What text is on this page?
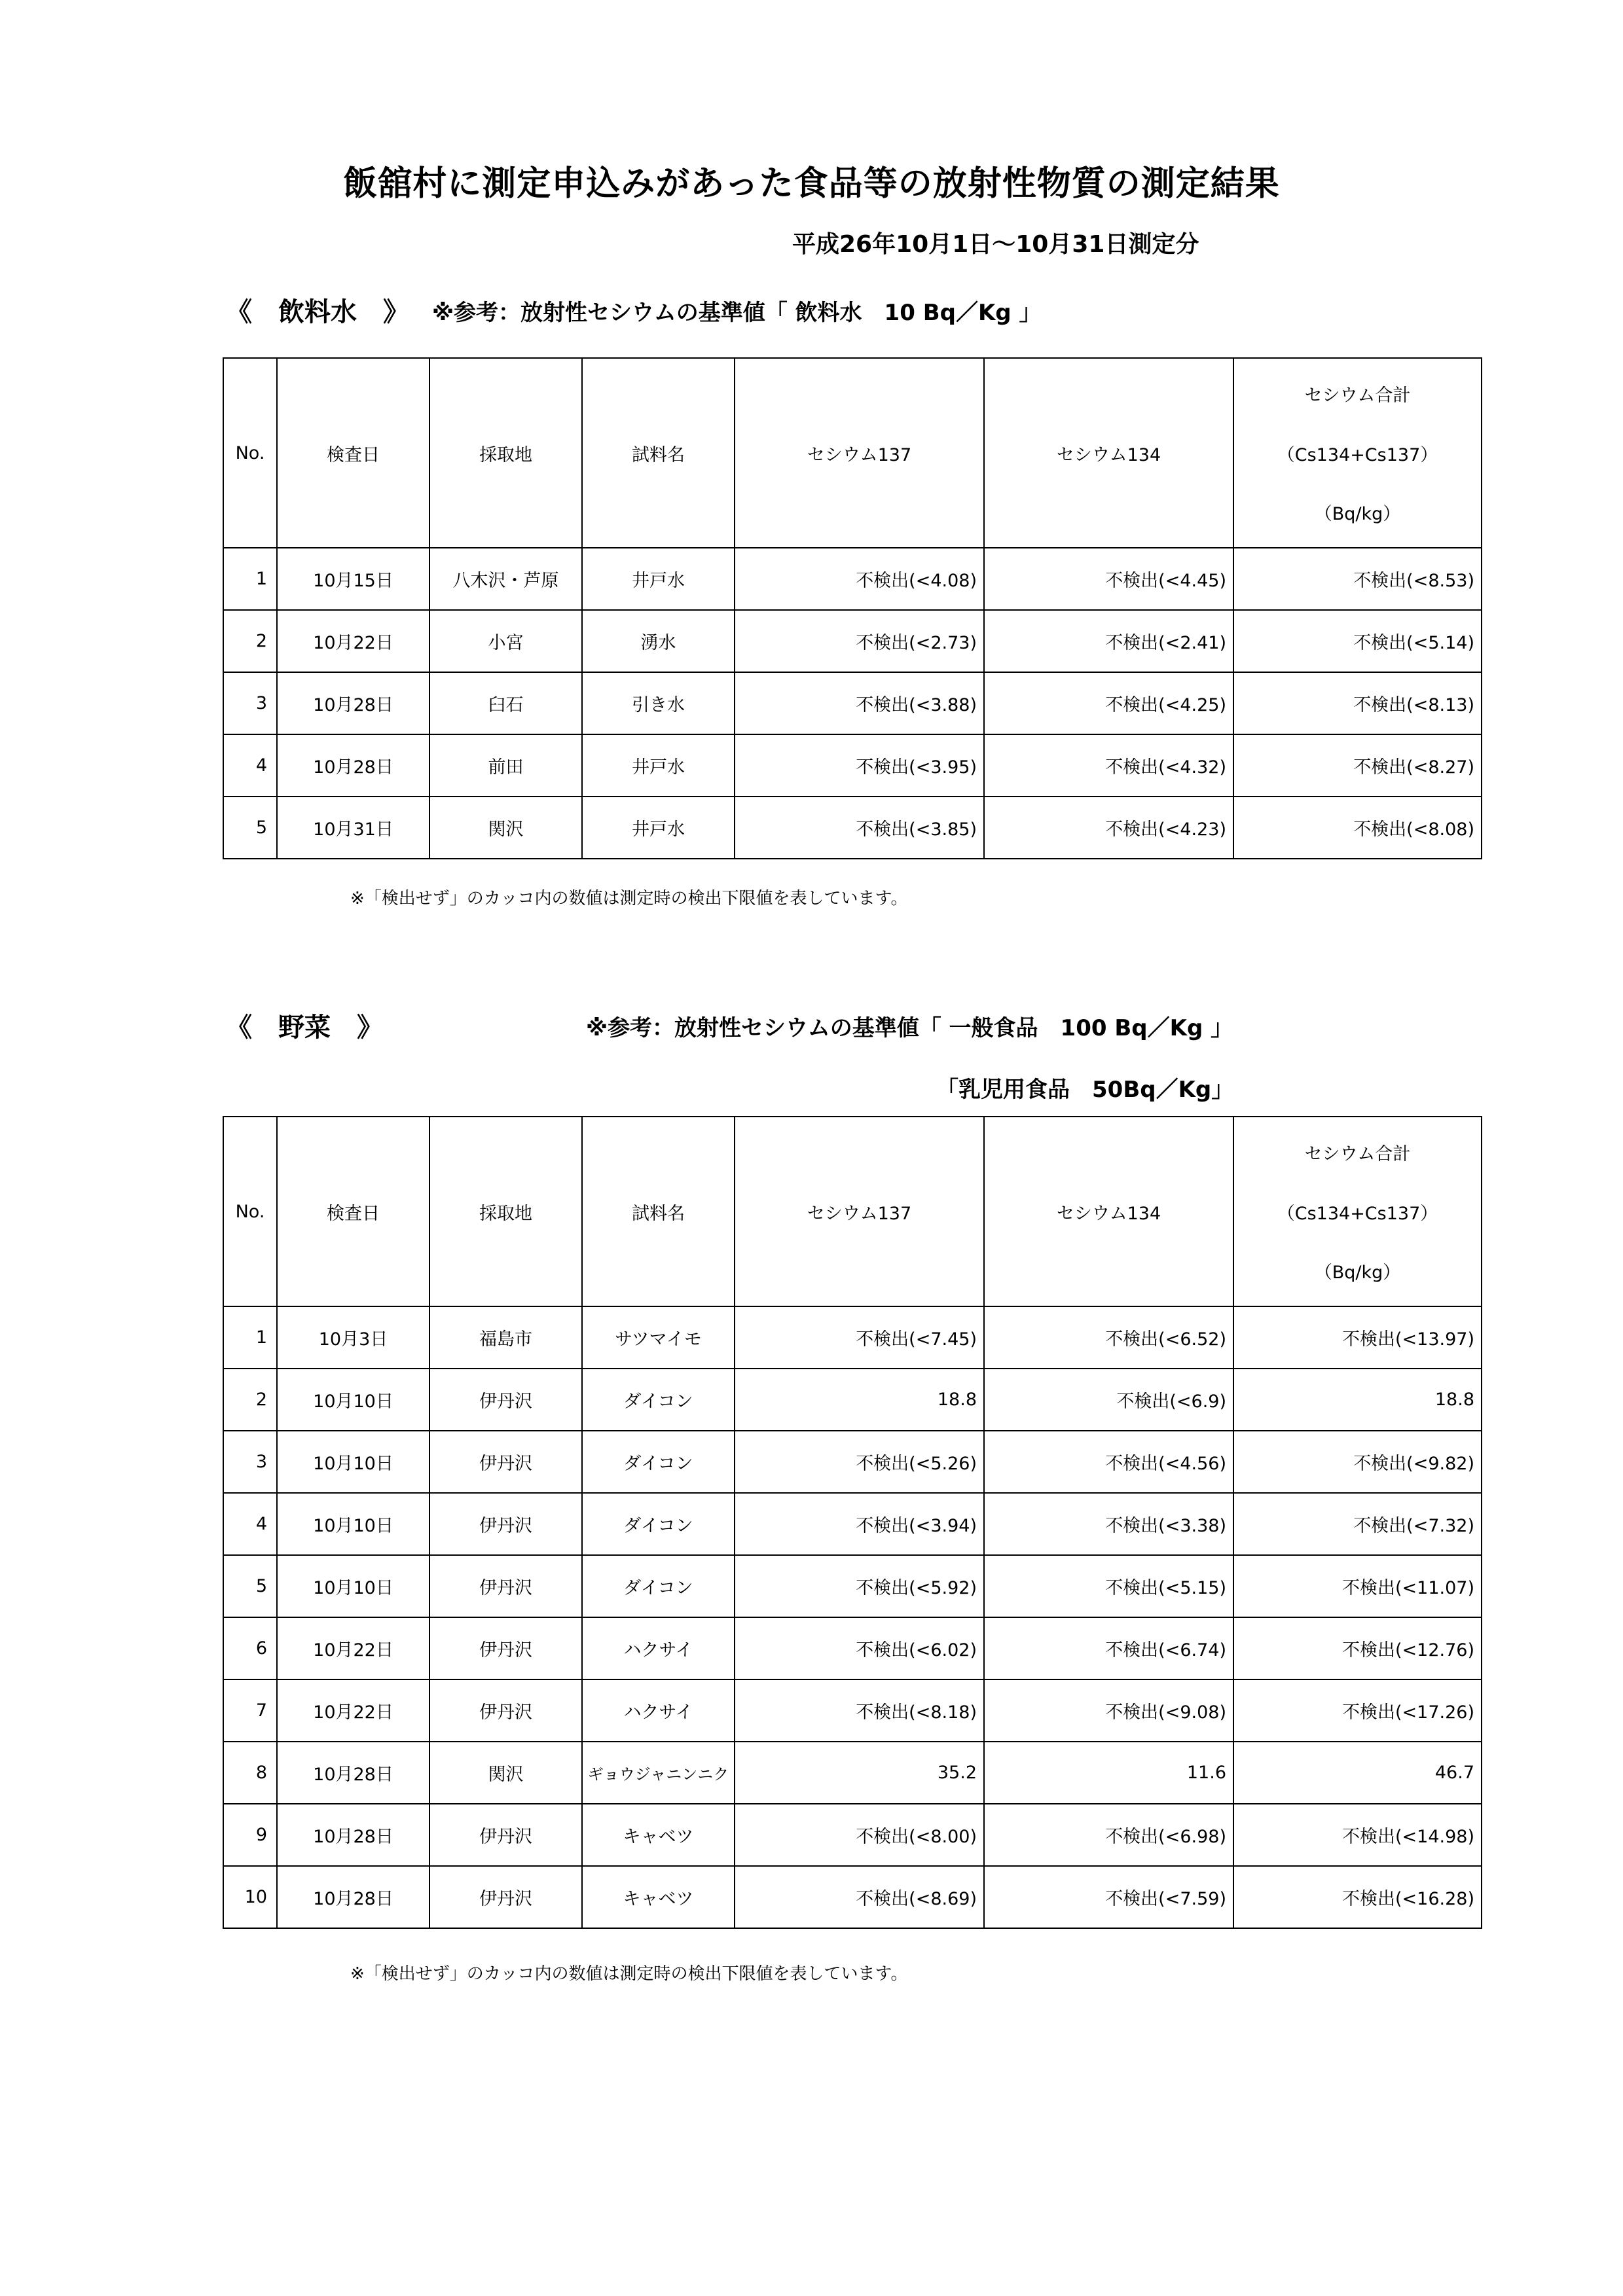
飯舘村に測定申込みがあった食品等の放射性物質の測定結果
平成26年10月1日～10月31日測定分
《　飲料水　》 ※参考：放射性セシウムの基準値「 飲料水　10 Bq／Kg 」
No.	検査日	採取地	試料名	セシウム137	セシウム134	セシウム合計
（Cs134+Cs137）
（Bq/kg）

1	10月15日	八木沢・芦原	井戸水	不検出(<4.08)	不検出(<4.45)	不検出(<8.53)
2	10月22日	小宮	湧水	不検出(<2.73)	不検出(<2.41)	不検出(<5.14)
3	10月28日	臼石	引き水	不検出(<3.88)	不検出(<4.25)	不検出(<8.13)
4	10月28日	前田	井戸水	不検出(<3.95)	不検出(<4.32)	不検出(<8.27)
5	10月31日	関沢	井戸水	不検出(<3.85)	不検出(<4.23)	不検出(<8.08)
※「検出せず」のカッコ内の数値は測定時の検出下限値を表しています。
《　野菜　》	※参考：放射性セシウムの基準値「 一般食品　100 Bq／Kg 」
「乳児用食品　50Bq／Kg」
No.	検査日	採取地	試料名	セシウム137	セシウム134	セシウム合計
（Cs134+Cs137）
（Bq/kg）

1	10月3日	福島市	サツマイモ	不検出(<7.45)	不検出(<6.52)	不検出(<13.97)
2	10月10日	伊丹沢	ダイコン	18.8	不検出(<6.9)	18.8
3	10月10日	伊丹沢	ダイコン	不検出(<5.26)	不検出(<4.56)	不検出(<9.82)
4	10月10日	伊丹沢	ダイコン	不検出(<3.94)	不検出(<3.38)	不検出(<7.32)
5	10月10日	伊丹沢	ダイコン	不検出(<5.92)	不検出(<5.15)	不検出(<11.07)
6	10月22日	伊丹沢	ハクサイ	不検出(<6.02)	不検出(<6.74)	不検出(<12.76)
7	10月22日	伊丹沢	ハクサイ	不検出(<8.18)	不検出(<9.08)	不検出(<17.26)
8	10月28日	関沢	ギョウジャニンニク	35.2	11.6	46.7
9	10月28日	伊丹沢	キャベツ	不検出(<8.00)	不検出(<6.98)	不検出(<14.98)
10	10月28日	伊丹沢	キャベツ	不検出(<8.69)	不検出(<7.59)	不検出(<16.28)
※「検出せず」のカッコ内の数値は測定時の検出下限値を表しています。
